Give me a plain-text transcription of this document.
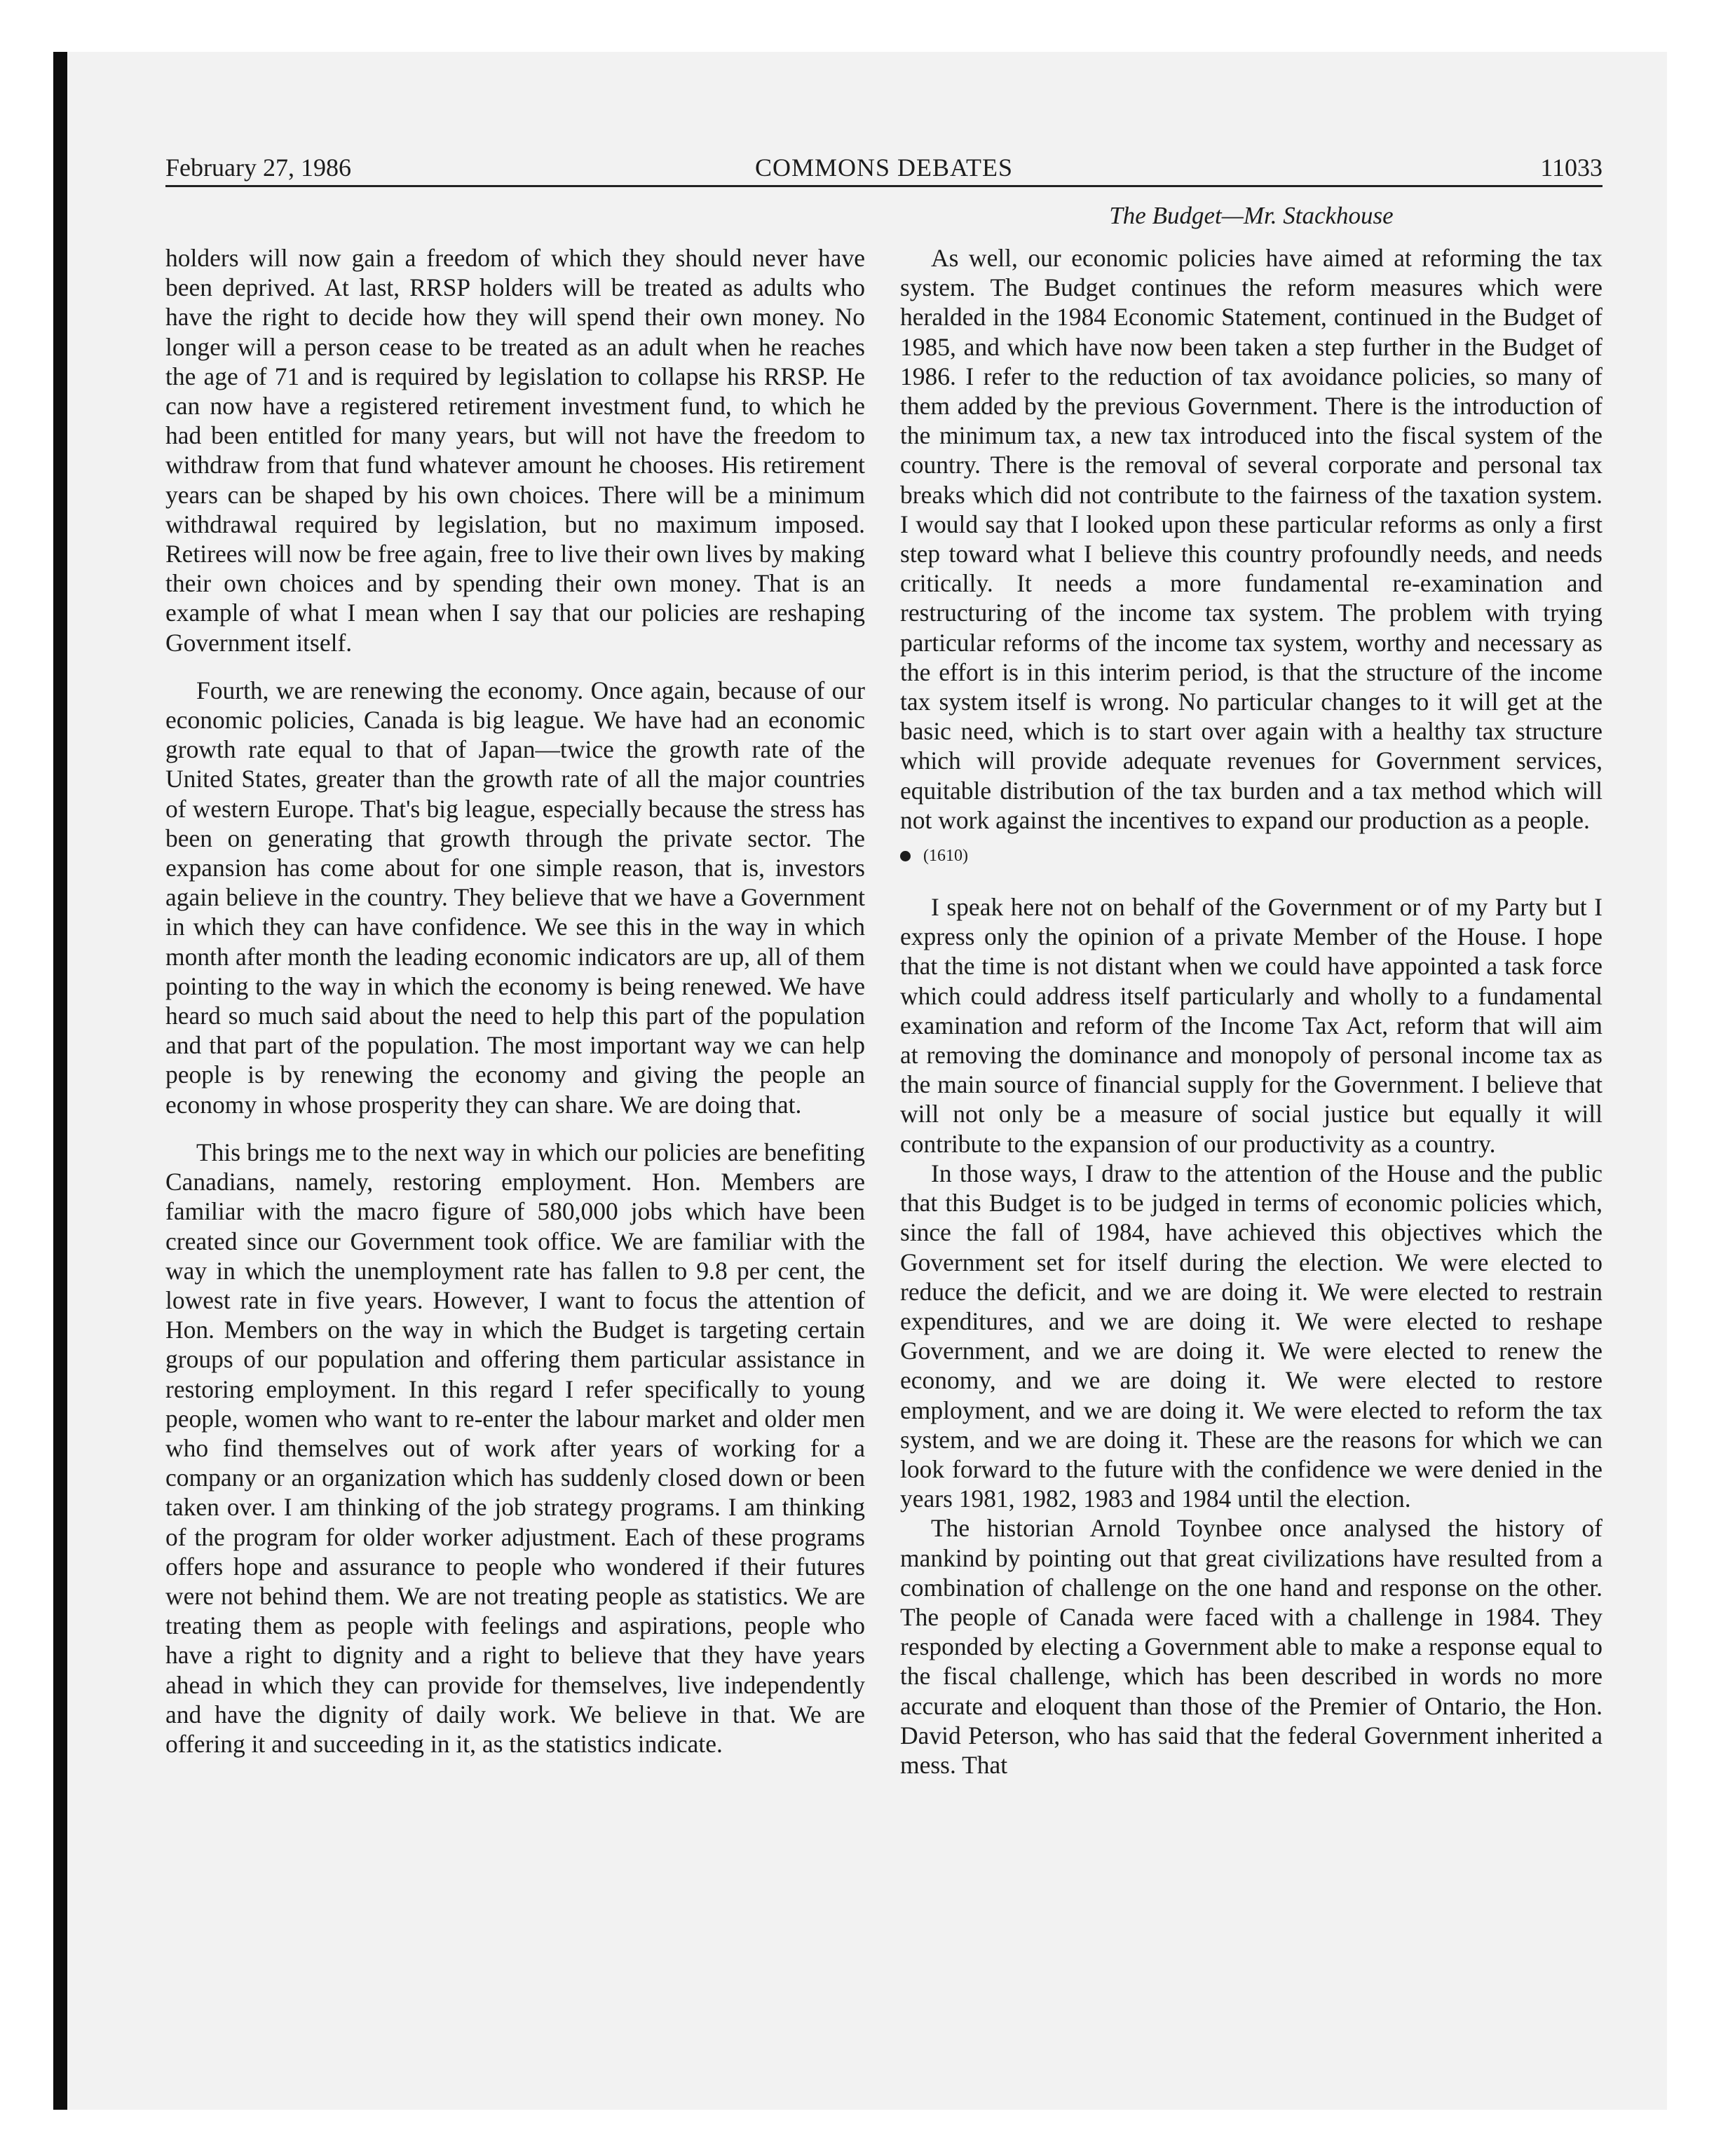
February 27, 1986	COMMONS DEBATES	11033
The Budget—Mr. Stackhouse

holders will now gain a freedom of which they should never have been deprived. At last, RRSP holders will be treated as adults who have the right to decide how they will spend their own money. No longer will a person cease to be treated as an adult when he reaches the age of 71 and is required by legislation to collapse his RRSP. He can now have a registered retirement investment fund, to which he had been entitled for many years, but will not have the freedom to withdraw from that fund whatever amount he chooses. His retirement years can be shaped by his own choices. There will be a minimum withdrawal required by legislation, but no maximum imposed. Retirees will now be free again, free to live their own lives by making their own choices and by spending their own money. That is an example of what I mean when I say that our policies are reshaping Government itself.

Fourth, we are renewing the economy. Once again, because of our economic policies, Canada is big league. We have had an economic growth rate equal to that of Japan—twice the growth rate of the United States, greater than the growth rate of all the major countries of western Europe. That's big league, especially because the stress has been on generating that growth through the private sector. The expansion has come about for one simple reason, that is, investors again believe in the country. They believe that we have a Government in which they can have confidence. We see this in the way in which month after month the leading economic indicators are up, all of them pointing to the way in which the economy is being renewed. We have heard so much said about the need to help this part of the population and that part of the population. The most important way we can help people is by renewing the economy and giving the people an economy in whose prosperity they can share. We are doing that.

This brings me to the next way in which our policies are benefiting Canadians, namely, restoring employment. Hon. Members are familiar with the macro figure of 580,000 jobs which have been created since our Government took office. We are familiar with the way in which the unemployment rate has fallen to 9.8 per cent, the lowest rate in five years. However, I want to focus the attention of Hon. Members on the way in which the Budget is targeting certain groups of our population and offering them particular assistance in restoring employment. In this regard I refer specifically to young people, women who want to re-enter the labour market and older men who find themselves out of work after years of working for a company or an organization which has suddenly closed down or been taken over. I am thinking of the job strategy programs. I am thinking of the program for older worker adjustment. Each of these programs offers hope and assurance to people who wondered if their futures were not behind them. We are not treating people as statistics. We are treating them as people with feelings and aspirations, people who have a right to dignity and a right to believe that they have years ahead in which they can provide for themselves, live independently and have the dignity of daily work. We believe in that. We are offering it and succeeding in it, as the statistics indicate.

As well, our economic policies have aimed at reforming the tax system. The Budget continues the reform measures which were heralded in the 1984 Economic Statement, continued in the Budget of 1985, and which have now been taken a step further in the Budget of 1986. I refer to the reduction of tax avoidance policies, so many of them added by the previous Government. There is the introduction of the minimum tax, a new tax introduced into the fiscal system of the country. There is the removal of several corporate and personal tax breaks which did not contribute to the fairness of the taxation system. I would say that I looked upon these particular reforms as only a first step toward what I believe this country profoundly needs, and needs critically. It needs a more fundamental re-examination and restructuring of the income tax system. The problem with trying particular reforms of the income tax system, worthy and necessary as the effort is in this interim period, is that the structure of the income tax system itself is wrong. No particular changes to it will get at the basic need, which is to start over again with a healthy tax structure which will provide adequate revenues for Government services, equitable distribution of the tax burden and a tax method which will not work against the incentives to expand our production as a people.

(1610)

I speak here not on behalf of the Government or of my Party but I express only the opinion of a private Member of the House. I hope that the time is not distant when we could have appointed a task force which could address itself particularly and wholly to a fundamental examination and reform of the Income Tax Act, reform that will aim at removing the dominance and monopoly of personal income tax as the main source of financial supply for the Government. I believe that will not only be a measure of social justice but equally it will contribute to the expansion of our productivity as a country.

In those ways, I draw to the attention of the House and the public that this Budget is to be judged in terms of economic policies which, since the fall of 1984, have achieved this objectives which the Government set for itself during the election. We were elected to reduce the deficit, and we are doing it. We were elected to restrain expenditures, and we are doing it. We were elected to reshape Government, and we are doing it. We were elected to renew the economy, and we are doing it. We were elected to restore employment, and we are doing it. We were elected to reform the tax system, and we are doing it. These are the reasons for which we can look forward to the future with the confidence we were denied in the years 1981, 1982, 1983 and 1984 until the election.

The historian Arnold Toynbee once analysed the history of mankind by pointing out that great civilizations have resulted from a combination of challenge on the one hand and response on the other. The people of Canada were faced with a challenge in 1984. They responded by electing a Government able to make a response equal to the fiscal challenge, which has been described in words no more accurate and eloquent than those of the Premier of Ontario, the Hon. David Peterson, who has said that the federal Government inherited a mess. That
